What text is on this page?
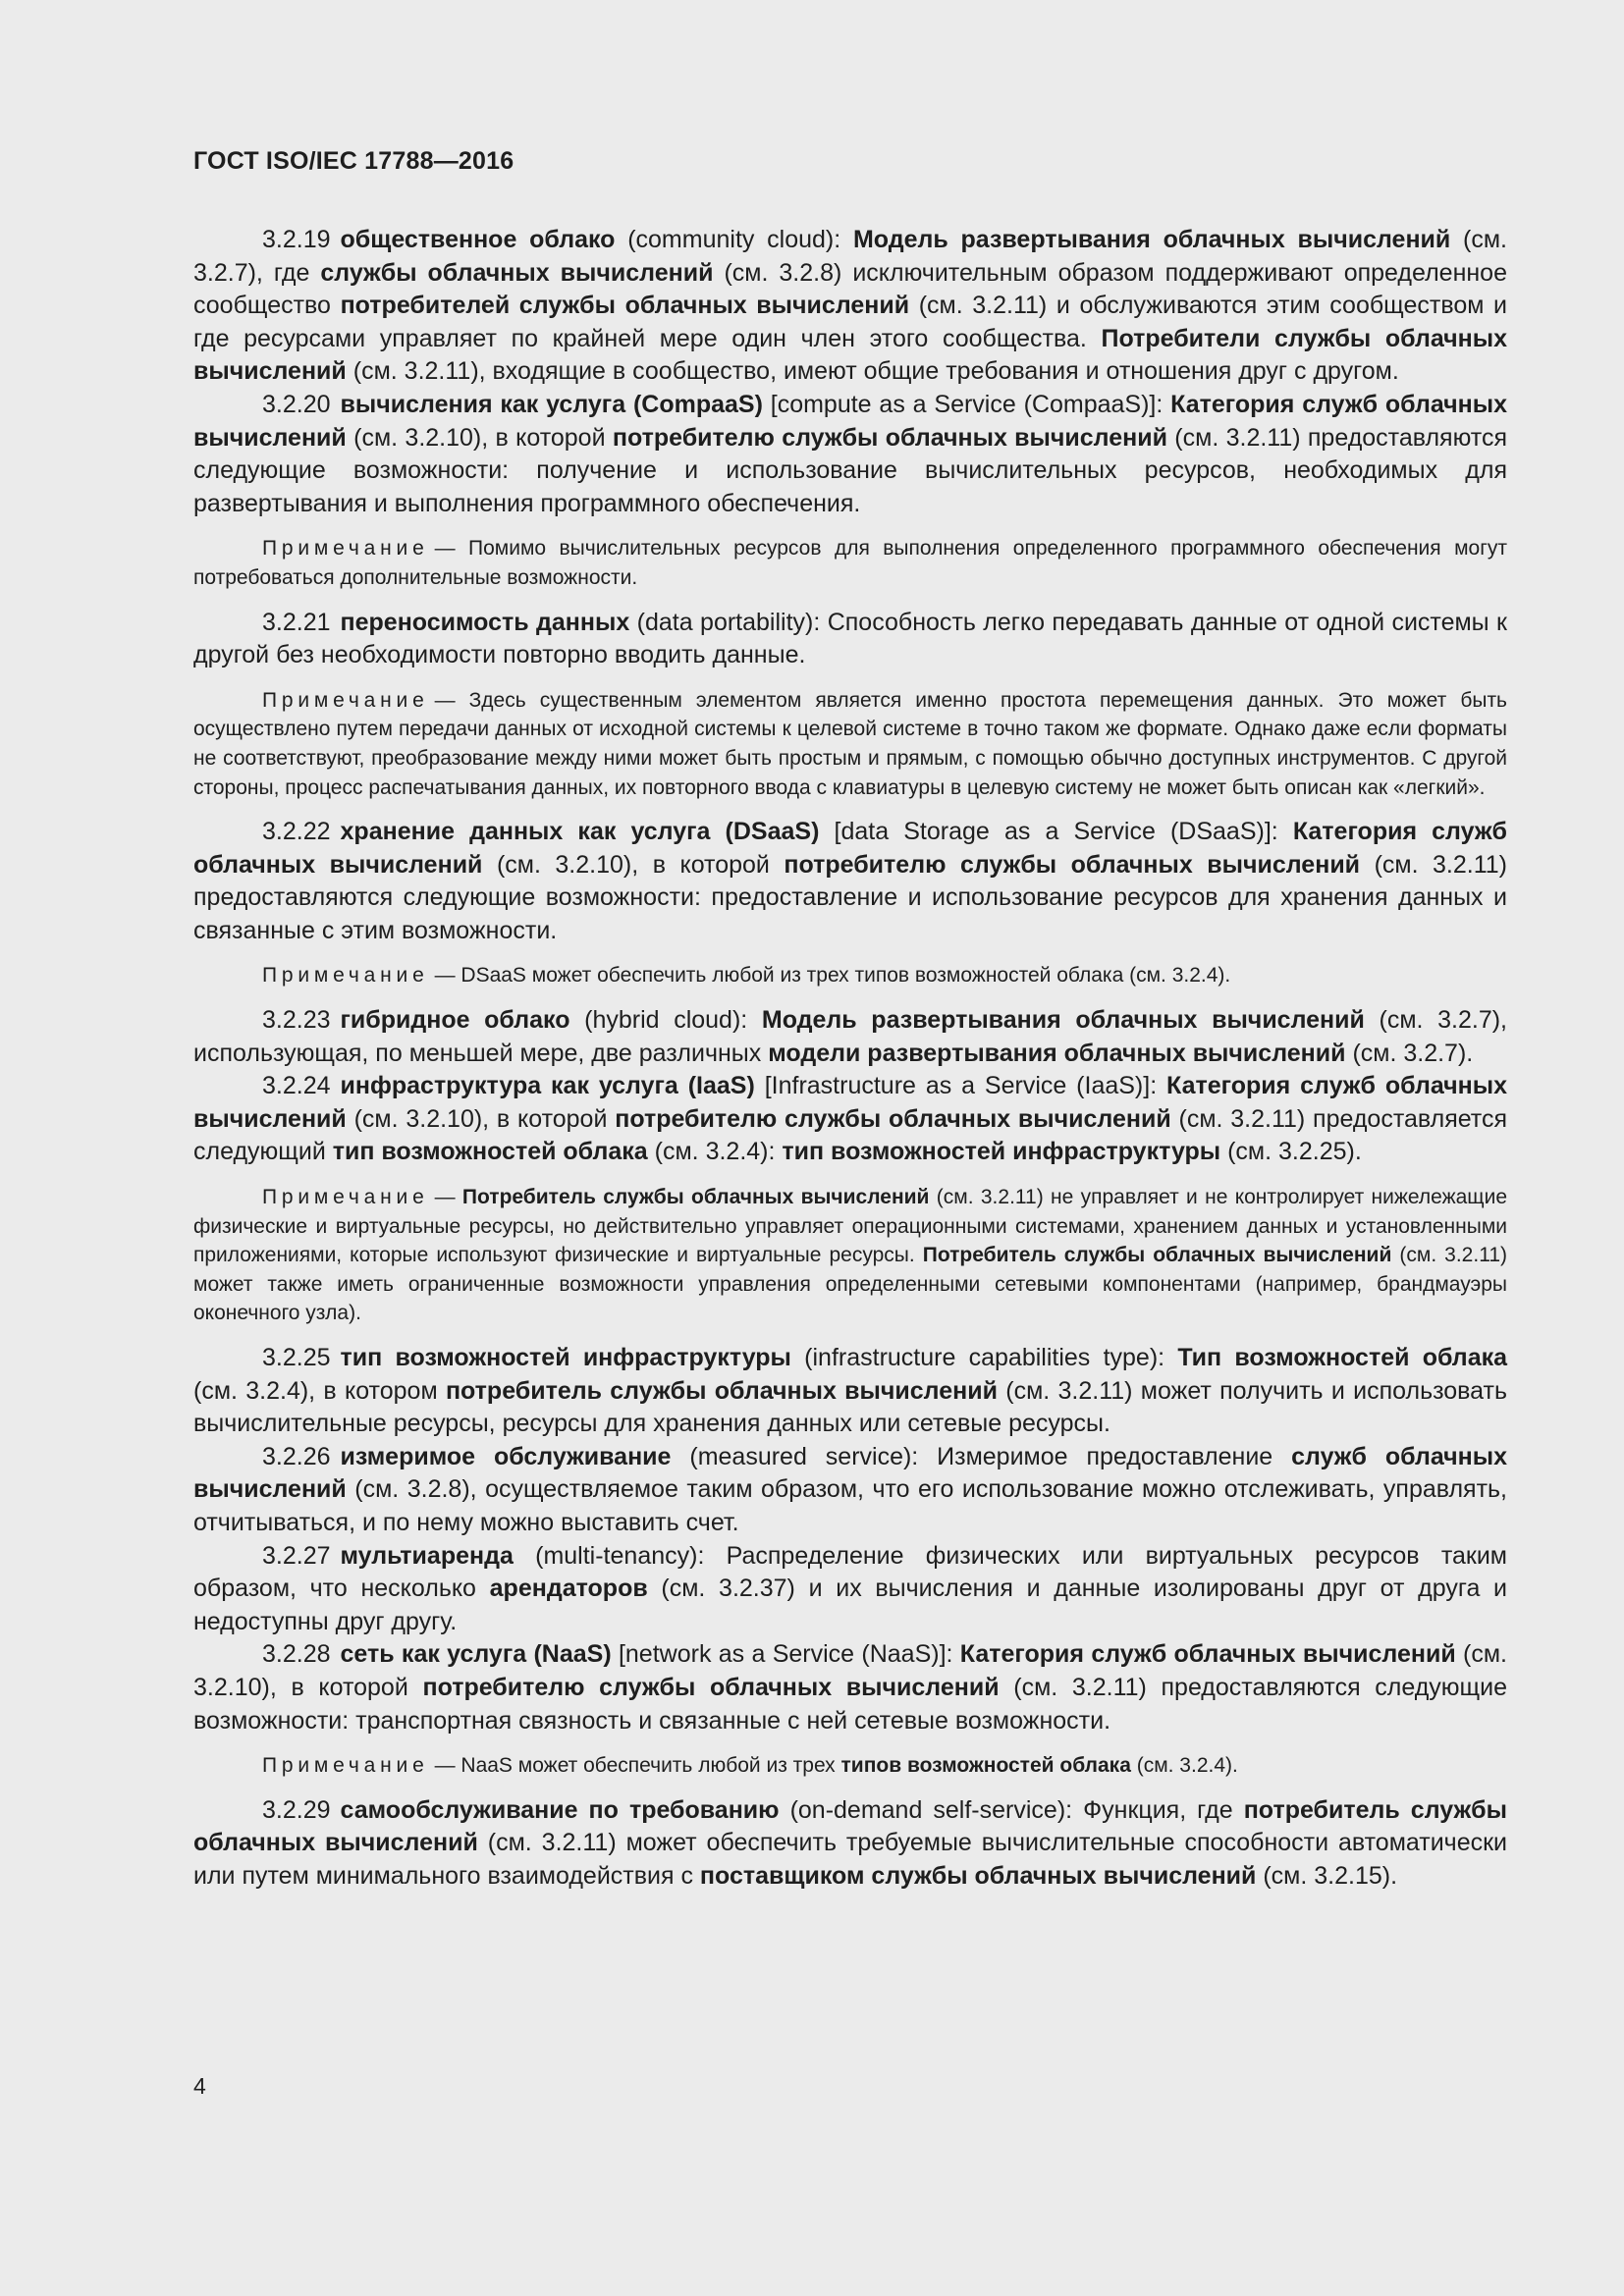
ГОСТ ISO/IEC 17788—2016

3.2.19 общественное облако (community cloud): Модель развертывания облачных вычислений (см. 3.2.7), где службы облачных вычислений (см. 3.2.8) исключительным образом поддерживают определенное сообщество потребителей службы облачных вычислений (см. 3.2.11) и обслуживаются этим сообществом и где ресурсами управляет по крайней мере один член этого сообщества. Потребители службы облачных вычислений (см. 3.2.11), входящие в сообщество, имеют общие требования и отношения друг с другом.

3.2.20 вычисления как услуга (CompaaS) [compute as a Service (CompaaS)]: Категория служб облачных вычислений (см. 3.2.10), в которой потребителю службы облачных вычислений (см. 3.2.11) предоставляются следующие возможности: получение и использование вычислительных ресурсов, необходимых для развертывания и выполнения программного обеспечения.

Примечание — Помимо вычислительных ресурсов для выполнения определенного программного обеспечения могут потребоваться дополнительные возможности.

3.2.21 переносимость данных (data portability): Способность легко передавать данные от одной системы к другой без необходимости повторно вводить данные.

Примечание — Здесь существенным элементом является именно простота перемещения данных. Это может быть осуществлено путем передачи данных от исходной системы к целевой системе в точно таком же формате. Однако даже если форматы не соответствуют, преобразование между ними может быть простым и прямым, с помощью обычно доступных инструментов. С другой стороны, процесс распечатывания данных, их повторного ввода с клавиатуры в целевую систему не может быть описан как «легкий».

3.2.22 хранение данных как услуга (DSaaS) [data Storage as a Service (DSaaS)]: Категория служб облачных вычислений (см. 3.2.10), в которой потребителю службы облачных вычислений (см. 3.2.11) предоставляются следующие возможности: предоставление и использование ресурсов для хранения данных и связанные с этим возможности.

Примечание — DSaaS может обеспечить любой из трех типов возможностей облака (см. 3.2.4).

3.2.23 гибридное облако (hybrid cloud): Модель развертывания облачных вычислений (см. 3.2.7), использующая, по меньшей мере, две различных модели развертывания облачных вычислений (см. 3.2.7).

3.2.24 инфраструктура как услуга (IaaS) [Infrastructure as a Service (IaaS)]: Категория служб облачных вычислений (см. 3.2.10), в которой потребителю службы облачных вычислений (см. 3.2.11) предоставляется следующий тип возможностей облака (см. 3.2.4): тип возможностей инфраструктуры (см. 3.2.25).

Примечание — Потребитель службы облачных вычислений (см. 3.2.11) не управляет и не контролирует нижележащие физические и виртуальные ресурсы, но действительно управляет операционными системами, хранением данных и установленными приложениями, которые используют физические и виртуальные ресурсы. Потребитель службы облачных вычислений (см. 3.2.11) может также иметь ограниченные возможности управления определенными сетевыми компонентами (например, брандмауэры оконечного узла).

3.2.25 тип возможностей инфраструктуры (infrastructure capabilities type): Тип возможностей облака (см. 3.2.4), в котором потребитель службы облачных вычислений (см. 3.2.11) может получить и использовать вычислительные ресурсы, ресурсы для хранения данных или сетевые ресурсы.

3.2.26 измеримое обслуживание (measured service): Измеримое предоставление служб облачных вычислений (см. 3.2.8), осуществляемое таким образом, что его использование можно отслеживать, управлять, отчитываться, и по нему можно выставить счет.

3.2.27 мультиаренда (multi-tenancy): Распределение физических или виртуальных ресурсов таким образом, что несколько арендаторов (см. 3.2.37) и их вычисления и данные изолированы друг от друга и недоступны друг другу.

3.2.28 сеть как услуга (NaaS) [network as a Service (NaaS)]: Категория служб облачных вычислений (см. 3.2.10), в которой потребителю службы облачных вычислений (см. 3.2.11) предоставляются следующие возможности: транспортная связность и связанные с ней сетевые возможности.

Примечание — NaaS может обеспечить любой из трех типов возможностей облака (см. 3.2.4).

3.2.29 самообслуживание по требованию (on-demand self-service): Функция, где потребитель службы облачных вычислений (см. 3.2.11) может обеспечить требуемые вычислительные способности автоматически или путем минимального взаимодействия с поставщиком службы облачных вычислений (см. 3.2.15).

4
